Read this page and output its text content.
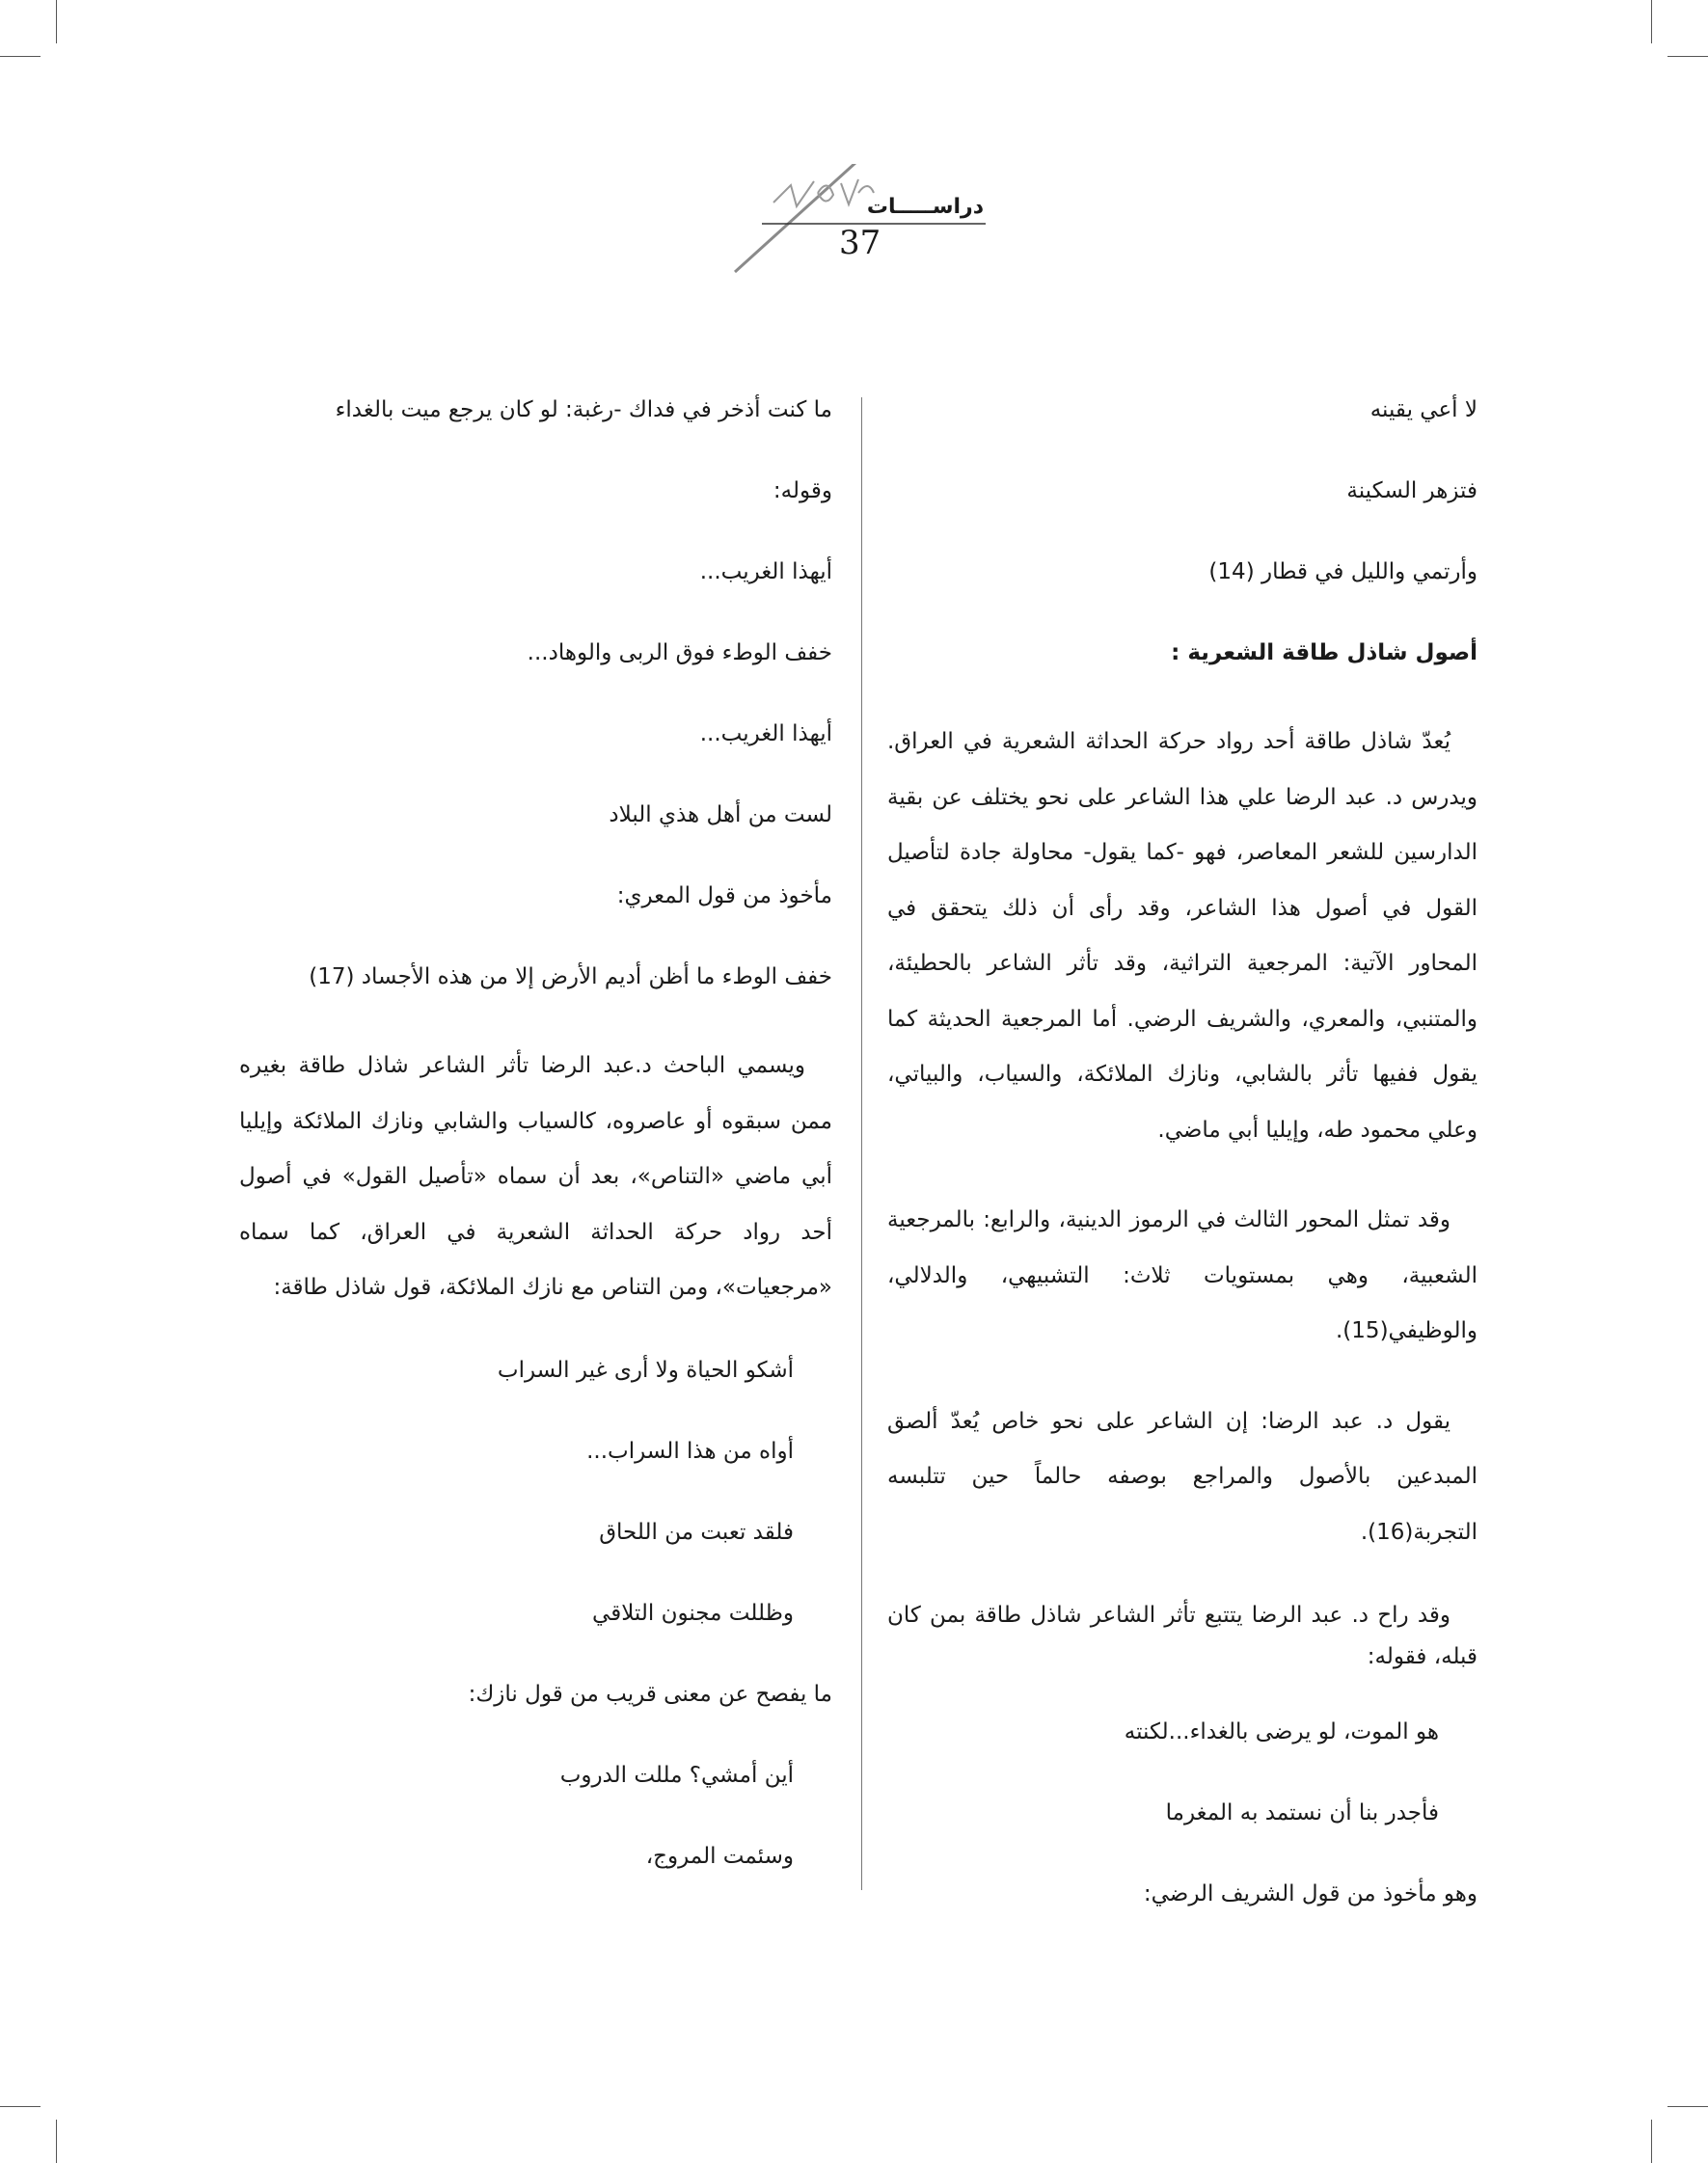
دراســـــات
37
لا أعي يقينه
فتزهر السكينة
وأرتمي والليل في قطار (14)
أصول شاذل طاقة الشعرية :
يُعدّ شاذل طاقة أحد رواد حركة الحداثة الشعرية في العراق. ويدرس د. عبد الرضا علي هذا الشاعر على نحو يختلف عن بقية الدارسين للشعر المعاصر، فهو -كما يقول- محاولة جادة لتأصيل القول في أصول هذا الشاعر، وقد رأى أن ذلك يتحقق في المحاور الآتية: المرجعية التراثية، وقد تأثر الشاعر بالحطيئة، والمتنبي، والمعري، والشريف الرضي. أما المرجعية الحديثة كما يقول ففيها تأثر بالشابي، ونازك الملائكة، والسياب، والبياتي، وعلي محمود طه، وإيليا أبي ماضي.
وقد تمثل المحور الثالث في الرموز الدينية، والرابع: بالمرجعية الشعبية، وهي بمستويات ثلاث: التشبيهي، والدلالي، والوظيفي(15).
يقول د. عبد الرضا: إن الشاعر على نحو خاص يُعدّ ألصق المبدعين بالأصول والمراجع بوصفه حالماً حين تتلبسه التجربة(16).
وقد راح د. عبد الرضا يتتبع تأثر الشاعر شاذل طاقة بمن كان قبله، فقوله:
هو الموت، لو يرضى بالغداء...لكنته
فأجدر بنا أن نستمد به المغرما
وهو مأخوذ من قول الشريف الرضي:
ما كنت أذخر في فداك -رغبة: لو كان يرجع ميت بالغداء
وقوله:
أيهذا الغريب...
خفف الوطء فوق الربى والوهاد...
أيهذا الغريب...
لست من أهل هذي البلاد
مأخوذ من قول المعري:
خفف الوطء ما أظن أديم الأرض إلا من هذه الأجساد (17)
ويسمي الباحث د.عبد الرضا تأثر الشاعر شاذل طاقة بغيره ممن سبقوه أو عاصروه، كالسياب والشابي ونازك الملائكة وإيليا أبي ماضي «التناص»، بعد أن سماه «تأصيل القول» في أصول أحد رواد حركة الحداثة الشعرية في العراق، كما سماه «مرجعيات»، ومن التناص مع نازك الملائكة، قول شاذل طاقة:
أشكو الحياة ولا أرى غير السراب
أواه من هذا السراب...
فلقد تعبت من اللحاق
وظللت مجنون التلاقي
ما يفصح عن معنى قريب من قول نازك:
أين أمشي؟ مللت الدروب
وسئمت المروج،
